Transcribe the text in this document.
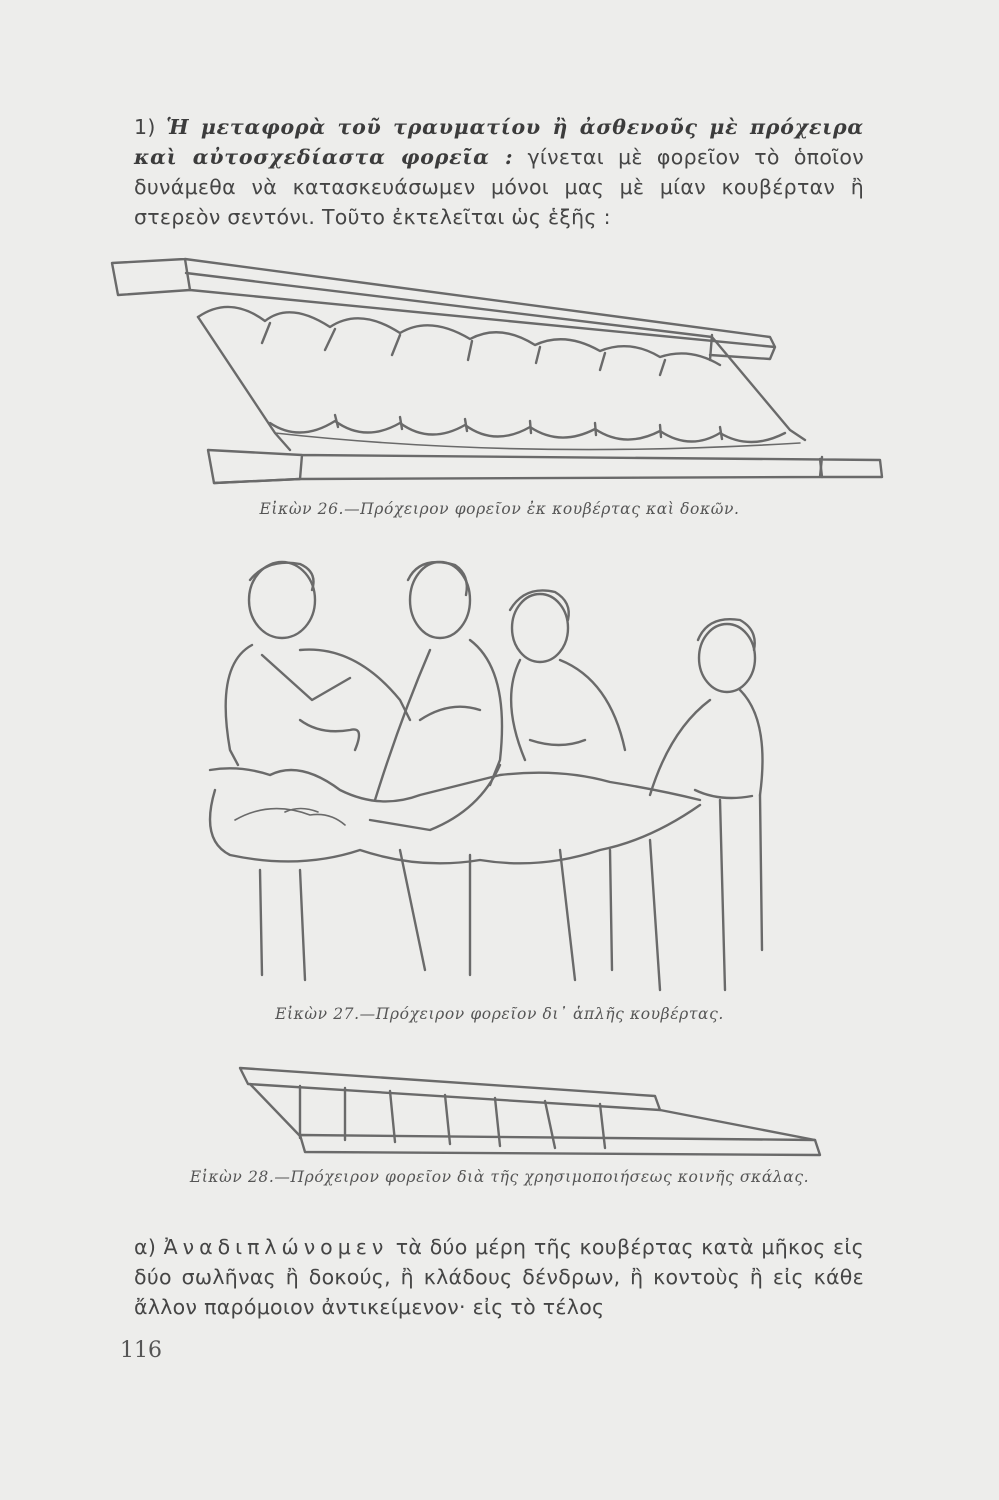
1) Ἡ μεταφορὰ τοῦ τραυματίου ἢ ἀσθενοῦς μὲ πρόχειρα καὶ αὐτοσχεδίαστα φορεῖα : γίνεται μὲ φορεῖον τὸ ὁποῖον δυνάμεθα νὰ κατασκευάσωμεν μόνοι μας μὲ μίαν κουβέρταν ἢ στερεὸν σεντόνι. Τοῦτο ἐκτελεῖται ὡς ἑξῆς :
Εἰκὼν 26.—Πρόχειρον φορεῖον ἐκ κουβέρτας καὶ δοκῶν.
Εἰκὼν 27.—Πρόχειρον φορεῖον δι᾿ ἁπλῆς κουβέρτας.
Εἰκὼν 28.—Πρόχειρον φορεῖον διὰ τῆς χρησιμοποιήσεως κοινῆς σκάλας.
α) Ἀναδιπλώνομεν τὰ δύο μέρη τῆς κουβέρτας κατὰ μῆκος εἰς δύο σωλῆνας ἢ δοκούς, ἢ κλάδους δένδρων, ἢ κοντοὺς ἢ εἰς κάθε ἄλλον παρόμοιον ἀντικείμενον· εἰς τὸ τέλος
116
